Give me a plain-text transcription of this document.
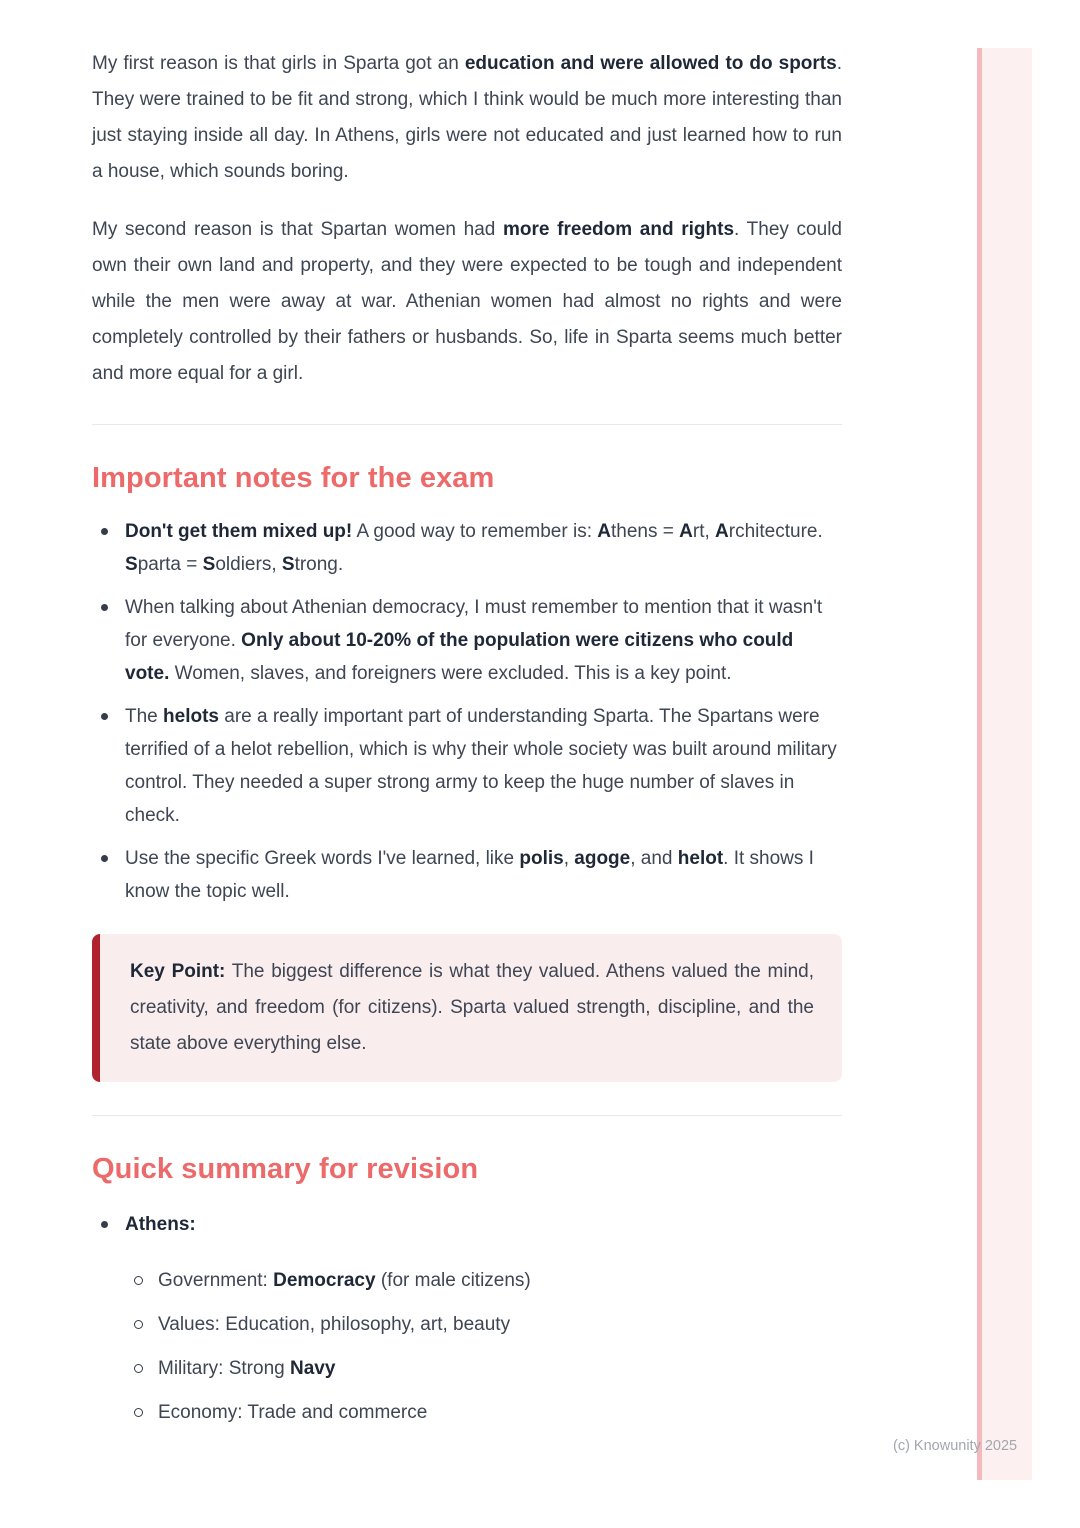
My first reason is that girls in Sparta got an education and were allowed to do sports. They were trained to be fit and strong, which I think would be much more interesting than just staying inside all day. In Athens, girls were not educated and just learned how to run a house, which sounds boring.

My second reason is that Spartan women had more freedom and rights. They could own their own land and property, and they were expected to be tough and independent while the men were away at war. Athenian women had almost no rights and were completely controlled by their fathers or husbands. So, life in Sparta seems much better and more equal for a girl.

Important notes for the exam
Don't get them mixed up! A good way to remember is: Athens = Art, Architecture. Sparta = Soldiers, Strong.
When talking about Athenian democracy, I must remember to mention that it wasn't for everyone. Only about 10-20% of the population were citizens who could vote. Women, slaves, and foreigners were excluded. This is a key point.
The helots are a really important part of understanding Sparta. The Spartans were terrified of a helot rebellion, which is why their whole society was built around military control. They needed a super strong army to keep the huge number of slaves in check.
Use the specific Greek words I've learned, like polis, agoge, and helot. It shows I know the topic well.

Key Point: The biggest difference is what they valued. Athens valued the mind, creativity, and freedom (for citizens). Sparta valued strength, discipline, and the state above everything else.

Quick summary for revision
Athens:
Government: Democracy (for male citizens)
Values: Education, philosophy, art, beauty
Military: Strong Navy
Economy: Trade and commerce
(c) Knowunity 2025
